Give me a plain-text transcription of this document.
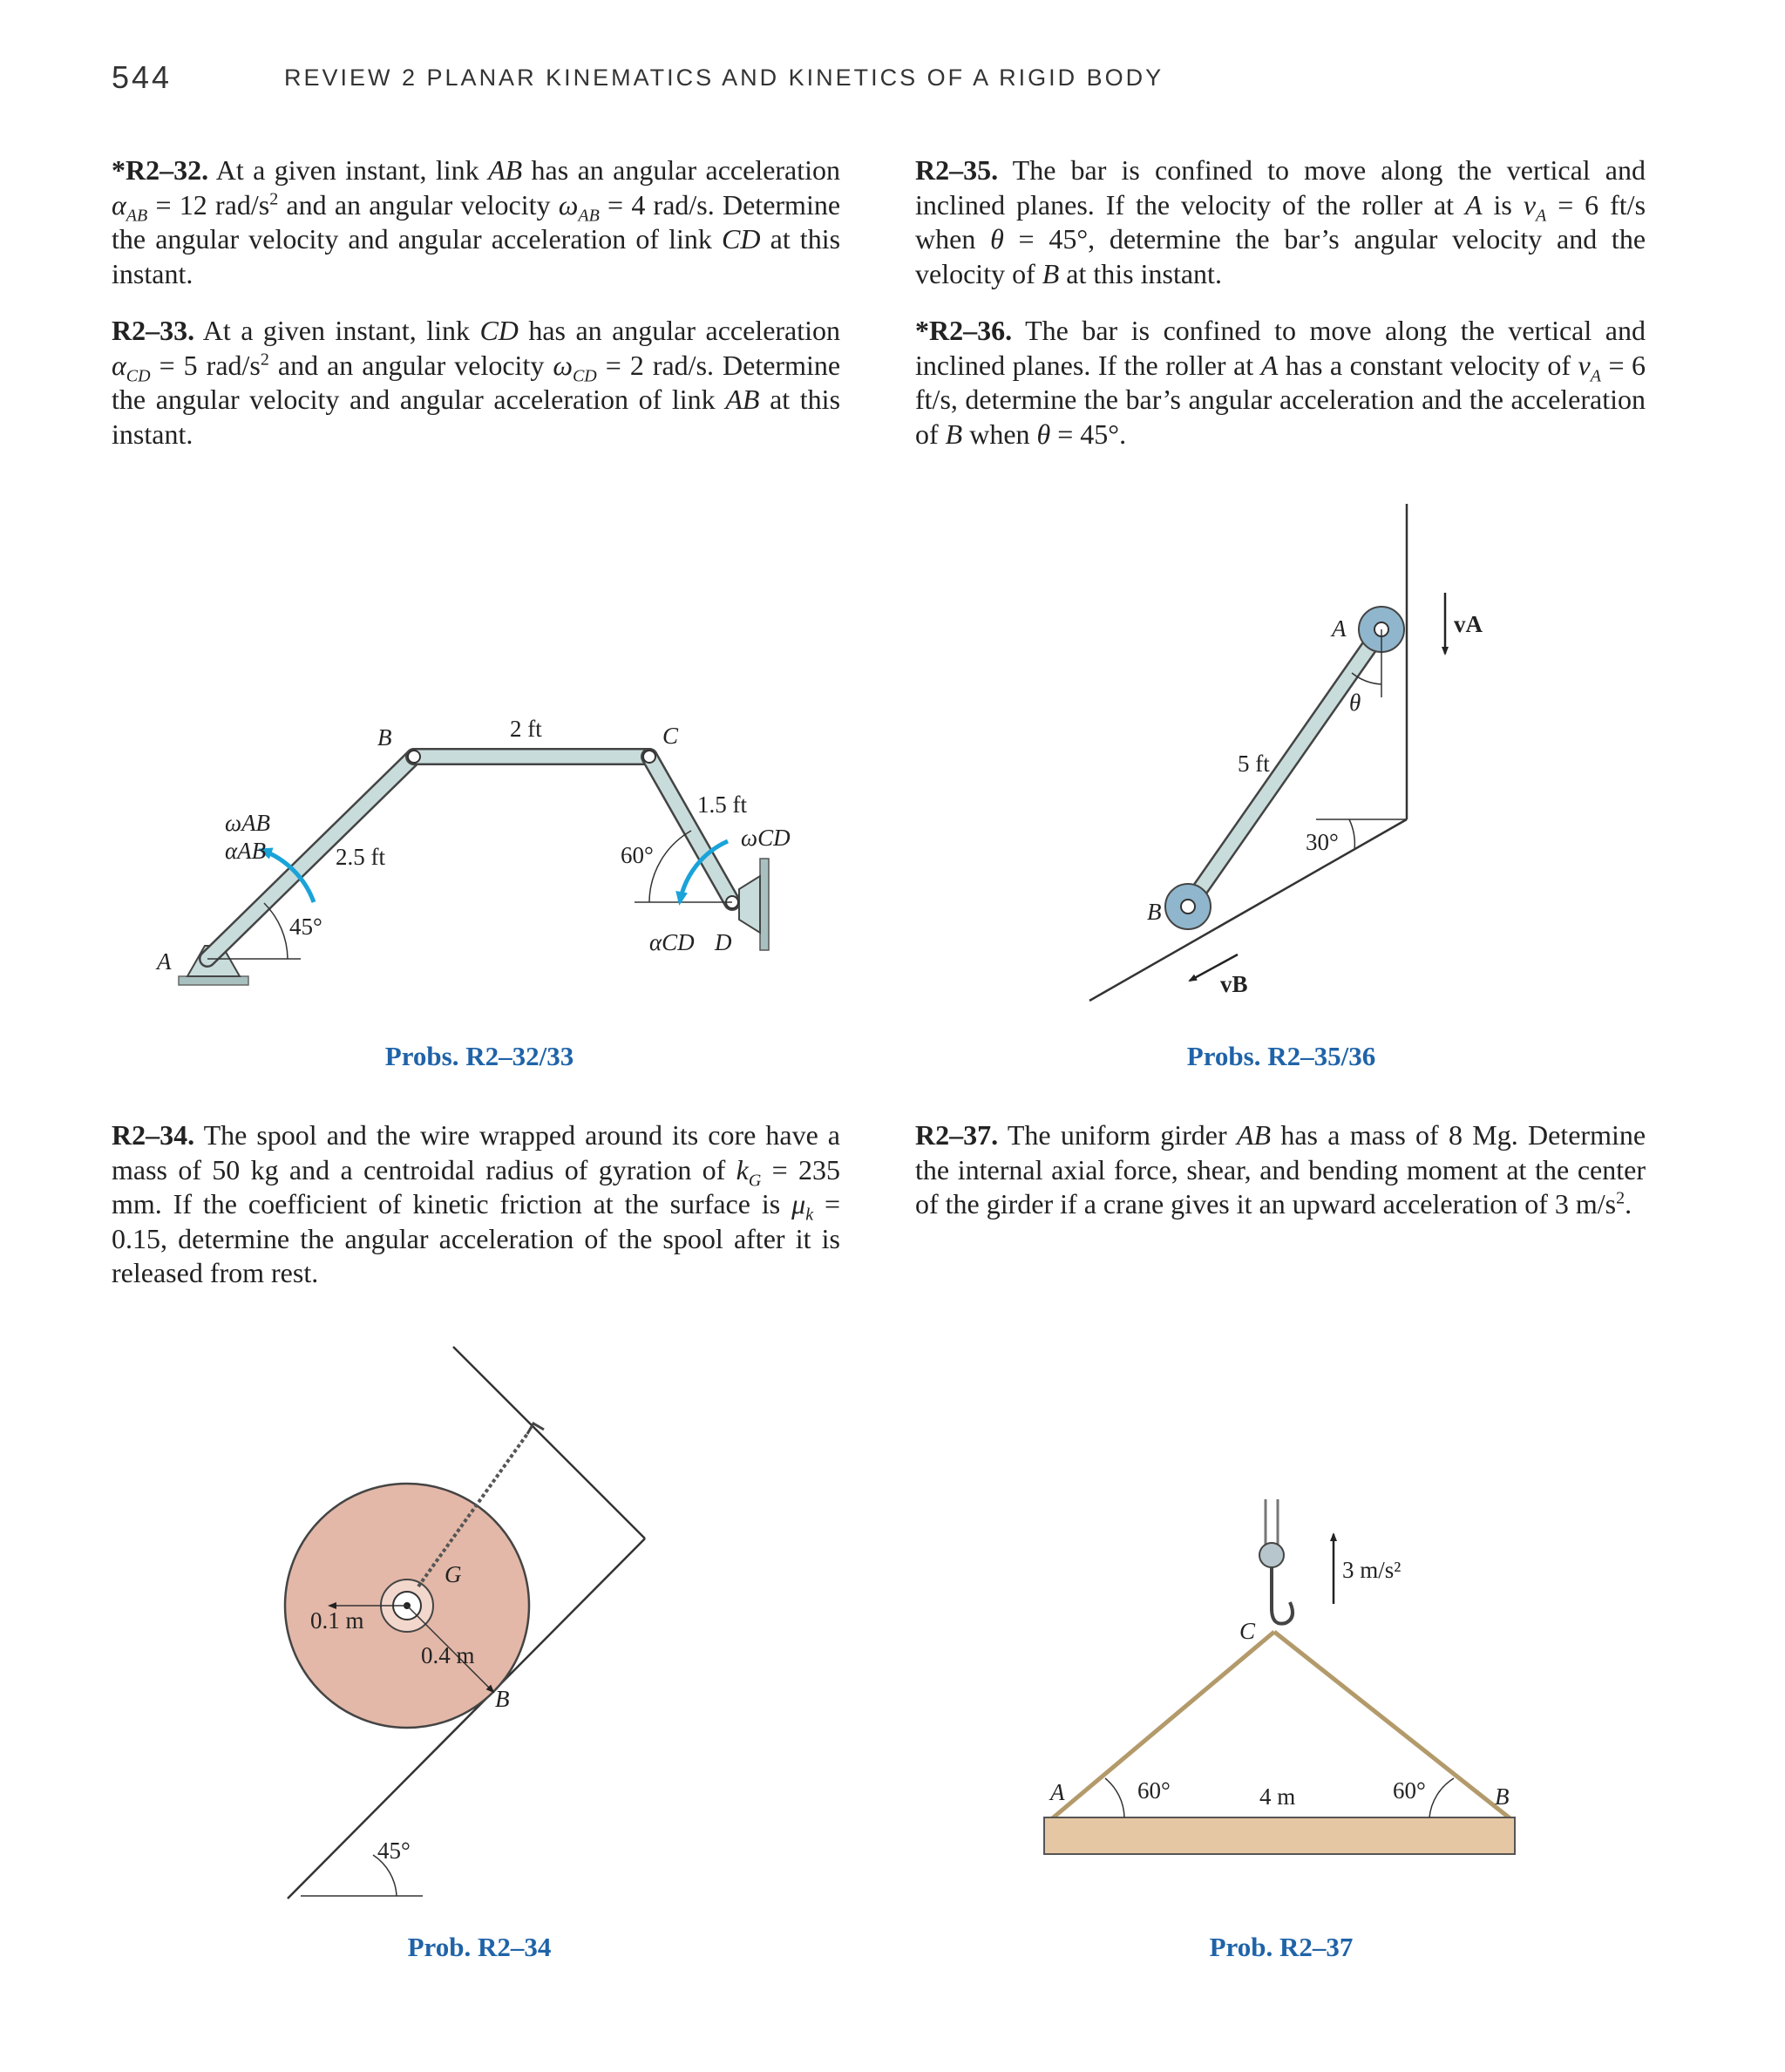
544	REVIEW 2 PLANAR KINEMATICS AND KINETICS OF A RIGID BODY
*R2–32. At a given instant, link AB has an angular acceleration $\alpha_{AB} = 12$ rad/$s^2$ and an angular velocity $\omega_{AB} = 4$ rad/s. Determine the angular velocity and angular acceleration of link CD at this instant.
R2–33. At a given instant, link CD has an angular acceleration $\alpha_{CD} = 5$ rad/$s^2$ and an angular velocity $\omega_{CD} = 2$ rad/s. Determine the angular velocity and angular acceleration of link AB at this instant.
R2–35. The bar is confined to move along the vertical and inclined planes. If the velocity of the roller at A is $v_A = 6$ ft/s when θ = 45°, determine the bar’s angular velocity and the velocity of B at this instant.
*R2–36. The bar is confined to move along the vertical and inclined planes. If the roller at A has a constant velocity of $v_A = 6$ ft/s, determine the bar’s angular acceleration and the acceleration of B when θ = 45°.
R2–34. The spool and the wire wrapped around its core have a mass of 50 kg and a centroidal radius of gyration of $k_G = 235$ mm. If the coefficient of kinetic friction at the surface is $\mu_k = 0.15$, determine the angular acceleration of the spool after it is released from rest.
R2–37. The uniform girder AB has a mass of 8 Mg. Determine the internal axial force, shear, and bending moment at the center of the girder if a crane gives it an upward acceleration of 3 $m/s^2$.
Probs. R2–32/33	Probs. R2–35/36
Prob. R2–34	Prob. R2–37
A
B	C
D
2.5 ft
2 ft
1.5 ft
45°
60°
ωAB
αAB	ωCD
αCD
A
B
5 ft
θ
30°
vA
vB
G
B
0.1 m
0.4 m
45°
A	B
C
3 m/s²
4 m
60°	60°
